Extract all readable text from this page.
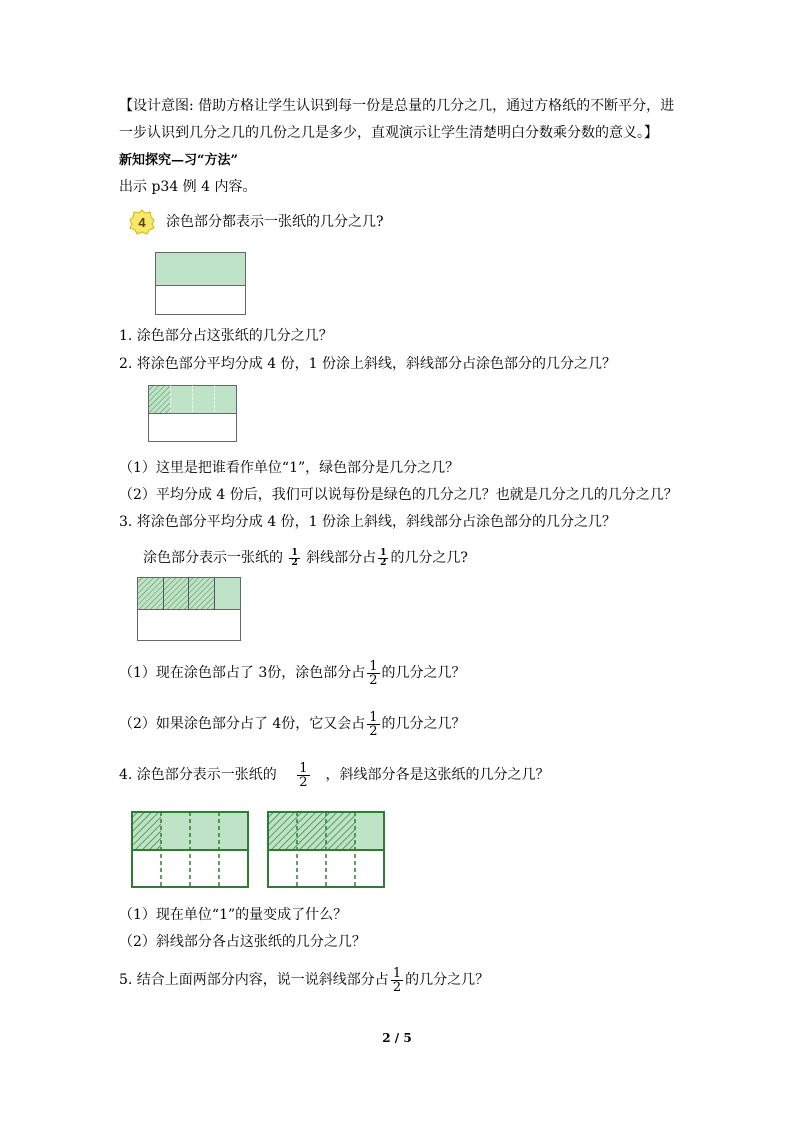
【设计意图: 借助方格让学生认识到每一份是总量的几分之几，通过方格纸的不断平分，进
一步认识到几分之几的几份之几是多少，直观演示让学生清楚明白分数乘分数的意义。】
新知探究—习“方法”
出示 p34 例 4 内容。
4 涂色部分都表示一张纸的几分之几?
1. 涂色部分占这张纸的几分之几？
2. 将涂色部分平均分成 4 份，1 份涂上斜线，斜线部分占涂色部分的几分之几？
（1）这里是把谁看作单位“1”，绿色部分是几分之几？
（2）平均分成 4 份后，我们可以说每份是绿色的几分之几？也就是几分之几的几分之几？
3. 将涂色部分平均分成 4 份，1 份涂上斜线，斜线部分占涂色部分的几分之几？
涂色部分表示一张纸的 $\frac{1}{2}$ 斜线部分占 $\frac{1}{2}$ 的几分之几?
（1）现在涂色部占了 3份，涂色部分占 $\frac{1}{2}$ 的几分之几？
（2）如果涂色部分占了 4份，它又会占 $\frac{1}{2}$ 的几分之几？
4. 涂色部分表示一张纸的 $\frac{1}{2}$ ，斜线部分各是这张纸的几分之几？
（1）现在单位“1”的量变成了什么？
（2）斜线部分各占这张纸的几分之几？
5. 结合上面两部分内容，说一说斜线部分占 $\frac{1}{2}$ 的几分之几？
2 / 5
